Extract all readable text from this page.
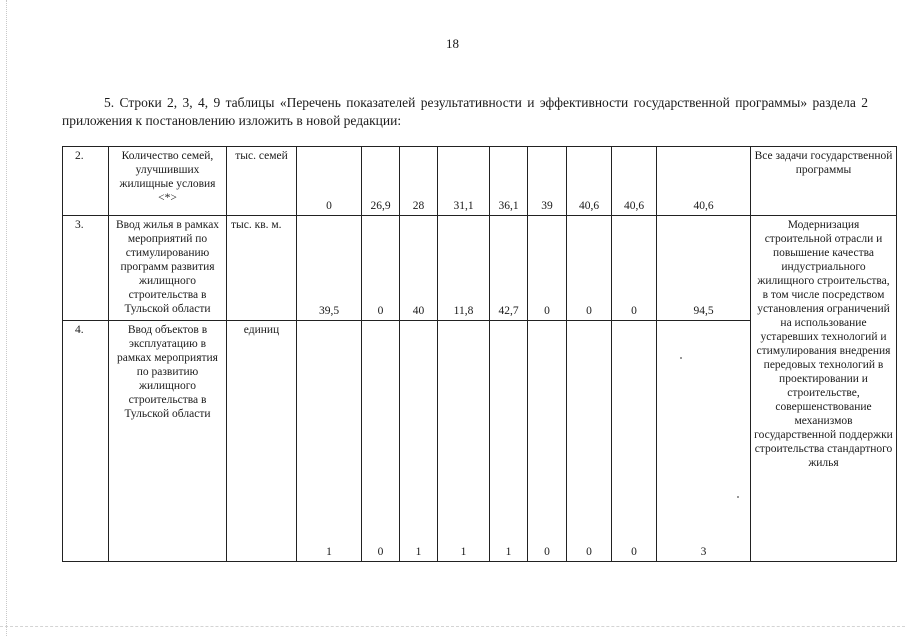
18

5. Строки 2, 3, 4, 9 таблицы «Перечень показателей результативности и эффективности государственной программы» раздела 2 приложения к постановлению изложить в новой редакции:

2.	Количество семей, улучшивших жилищные условия <*>	тыс. семей	0	26,9	28	31,1	36,1	39	40,6	40,6	40,6	Все задачи государственной программы
3.	Ввод жилья в рамках мероприятий по стимулированию программ развития жилищного строительства в Тульской области	тыс. кв. м.	39,5	0	40	11,8	42,7	0	0	0	94,5	Модернизация строительной отрасли и повышение качества индустриального жилищного строительства, в том числе посредством установления ограничений на использование устаревших технологий и стимулирования внедрения передовых технологий в проектировании и строительстве, совершенствование механизмов государственной поддержки строительства стандартного жилья
4.	Ввод объектов в эксплуатацию в рамках мероприятия по развитию жилищного строительства в Тульской области	единиц	1	0	1	1	1	0	0	0	3	
